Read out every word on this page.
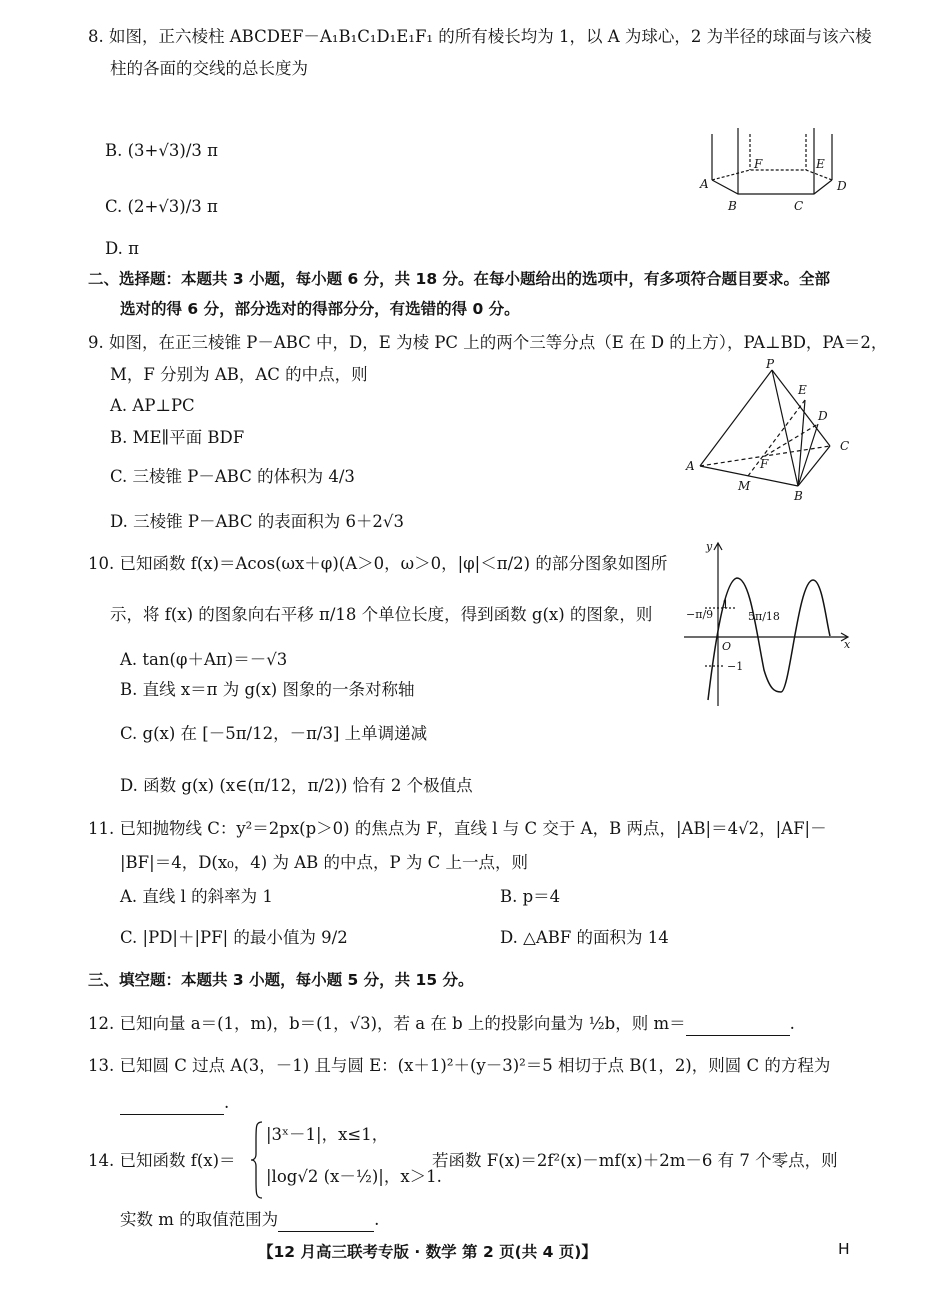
8. 如图，正六棱柱 ABCDEF－A₁B₁C₁D₁E₁F₁ 的所有棱长均为 1，以 A 为球心，2 为半径的球面与该六棱
柱的各面的交线的总长度为
B. (3+√3)/3 π
C. (2+√3)/3 π
D. π
F	E
A	D
B	C
二、选择题：本题共 3 小题，每小题 6 分，共 18 分。在每小题给出的选项中，有多项符合题目要求。全部
选对的得 6 分，部分选对的得部分分，有选错的得 0 分。
9. 如图，在正三棱锥 P－ABC 中，D，E 为棱 PC 上的两个三等分点（E 在 D 的上方），PA⊥BD，PA＝2，
M，F 分别为 AB，AC 的中点，则
A. AP⊥PC
B. ME∥平面 BDF
C. 三棱锥 P－ABC 的体积为 4/3
D. 三棱锥 P－ABC 的表面积为 6＋2√3
P
E
D
C
A	F
M
B
10. 已知函数 f(x)＝Acos(ωx＋φ)(A＞0，ω＞0，|φ|＜π/2) 的部分图象如图所
示，将 f(x) 的图象向右平移 π/18 个单位长度，得到函数 g(x) 的图象，则
A. tan(φ＋Aπ)＝－√3
B. 直线 x＝π 为 g(x) 图象的一条对称轴
C. g(x) 在 [－5π/12，－π/3] 上单调递减
D. 函数 g(x) (x∈(π/12，π/2)) 恰有 2 个极值点
y
x
O
1
−1
−π/9	5π/18
11. 已知抛物线 C：y²＝2px(p＞0) 的焦点为 F，直线 l 与 C 交于 A，B 两点，|AB|＝4√2，|AF|－
|BF|＝4，D(x₀，4) 为 AB 的中点，P 为 C 上一点，则
A. 直线 l 的斜率为 1	B. p＝4
C. |PD|＋|PF| 的最小值为 9/2	D. △ABF 的面积为 14
三、填空题：本题共 3 小题，每小题 5 分，共 15 分。
12. 已知向量 a＝(1，m)，b＝(1，√3)，若 a 在 b 上的投影向量为 ½b，则 m＝	.
13. 已知圆 C 过点 A(3，－1) 且与圆 E：(x＋1)²＋(y－3)²＝5 相切于点 B(1，2)，则圆 C 的方程为
.
14. 已知函数 f(x)＝
|3ˣ－1|，x≤1，
|log√2 (x－½)|，x＞1.
若函数 F(x)＝2f²(x)－mf(x)＋2m－6 有 7 个零点，则
实数 m 的取值范围为	.
【12 月高三联考专版 · 数学 第 2 页(共 4 页)】	H
